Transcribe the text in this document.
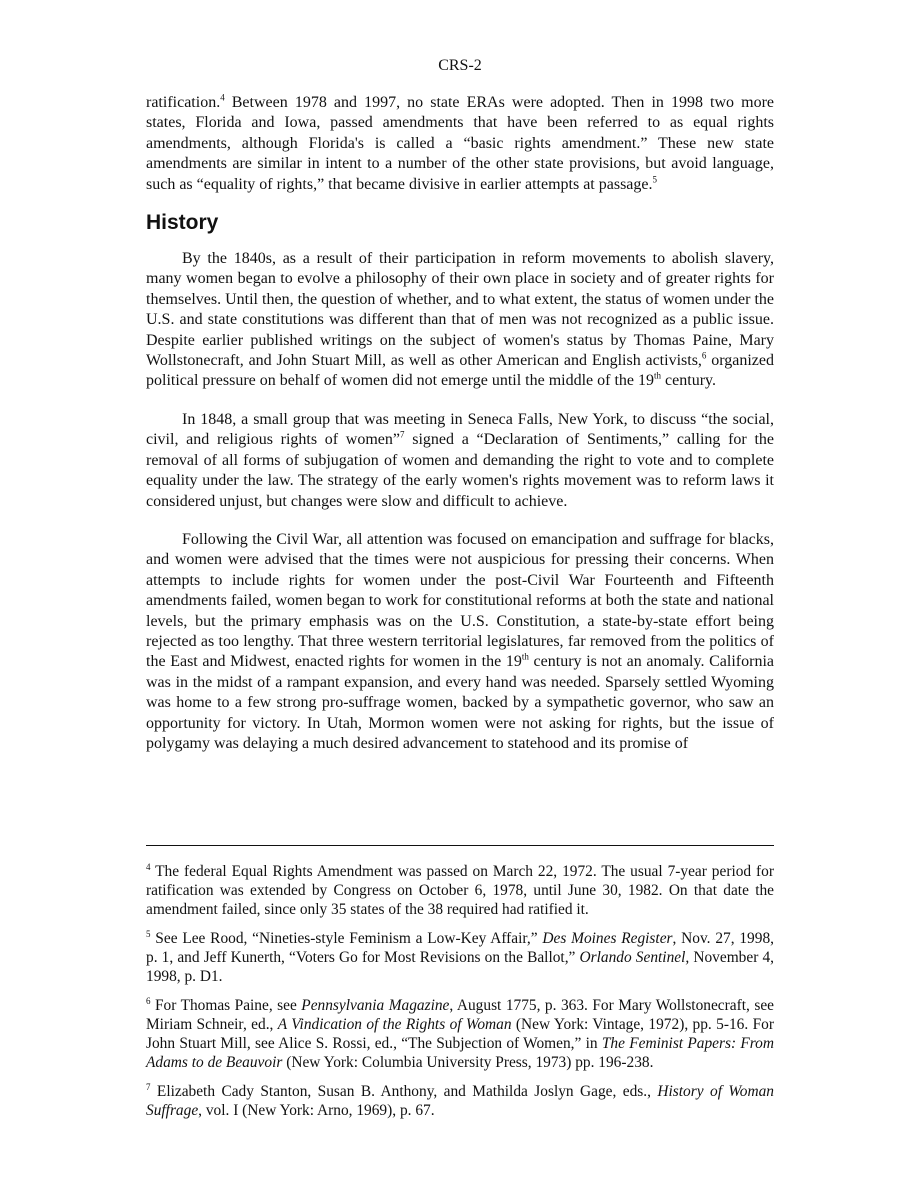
CRS-2

ratification.$^4$ Between 1978 and 1997, no state ERAs were adopted. Then in 1998 two more states, Florida and Iowa, passed amendments that have been referred to as equal rights amendments, although Florida's is called a “basic rights amendment.” These new state amendments are similar in intent to a number of the other state provisions, but avoid language, such as “equality of rights,” that became divisive in earlier attempts at passage.$^5$

History

By the 1840s, as a result of their participation in reform movements to abolish slavery, many women began to evolve a philosophy of their own place in society and of greater rights for themselves. Until then, the question of whether, and to what extent, the status of women under the U.S. and state constitutions was different than that of men was not recognized as a public issue. Despite earlier published writings on the subject of women's status by Thomas Paine, Mary Wollstonecraft, and John Stuart Mill, as well as other American and English activists,$^6$ organized political pressure on behalf of women did not emerge until the middle of the 19th century.

In 1848, a small group that was meeting in Seneca Falls, New York, to discuss “the social, civil, and religious rights of women”$^7$ signed a “Declaration of Sentiments,” calling for the removal of all forms of subjugation of women and demanding the right to vote and to complete equality under the law. The strategy of the early women's rights movement was to reform laws it considered unjust, but changes were slow and difficult to achieve.

Following the Civil War, all attention was focused on emancipation and suffrage for blacks, and women were advised that the times were not auspicious for pressing their concerns. When attempts to include rights for women under the post-Civil War Fourteenth and Fifteenth amendments failed, women began to work for constitutional reforms at both the state and national levels, but the primary emphasis was on the U.S. Constitution, a state-by-state effort being rejected as too lengthy. That three western territorial legislatures, far removed from the politics of the East and Midwest, enacted rights for women in the 19th century is not an anomaly. California was in the midst of a rampant expansion, and every hand was needed. Sparsely settled Wyoming was home to a few strong pro-suffrage women, backed by a sympathetic governor, who saw an opportunity for victory. In Utah, Mormon women were not asking for rights, but the issue of polygamy was delaying a much desired advancement to statehood and its promise of

$^4$ The federal Equal Rights Amendment was passed on March 22, 1972. The usual 7-year period for ratification was extended by Congress on October 6, 1978, until June 30, 1982. On that date the amendment failed, since only 35 states of the 38 required had ratified it.

$^5$ See Lee Rood, “Nineties-style Feminism a Low-Key Affair,” Des Moines Register, Nov. 27, 1998, p. 1, and Jeff Kunerth, “Voters Go for Most Revisions on the Ballot,” Orlando Sentinel, November 4, 1998, p. D1.

$^6$ For Thomas Paine, see Pennsylvania Magazine, August 1775, p. 363. For Mary Wollstonecraft, see Miriam Schneir, ed., A Vindication of the Rights of Woman (New York: Vintage, 1972), pp. 5-16. For John Stuart Mill, see Alice S. Rossi, ed., “The Subjection of Women,” in The Feminist Papers: From Adams to de Beauvoir (New York: Columbia University Press, 1973) pp. 196-238.

$^7$ Elizabeth Cady Stanton, Susan B. Anthony, and Mathilda Joslyn Gage, eds., History of Woman Suffrage, vol. I (New York: Arno, 1969), p. 67.
